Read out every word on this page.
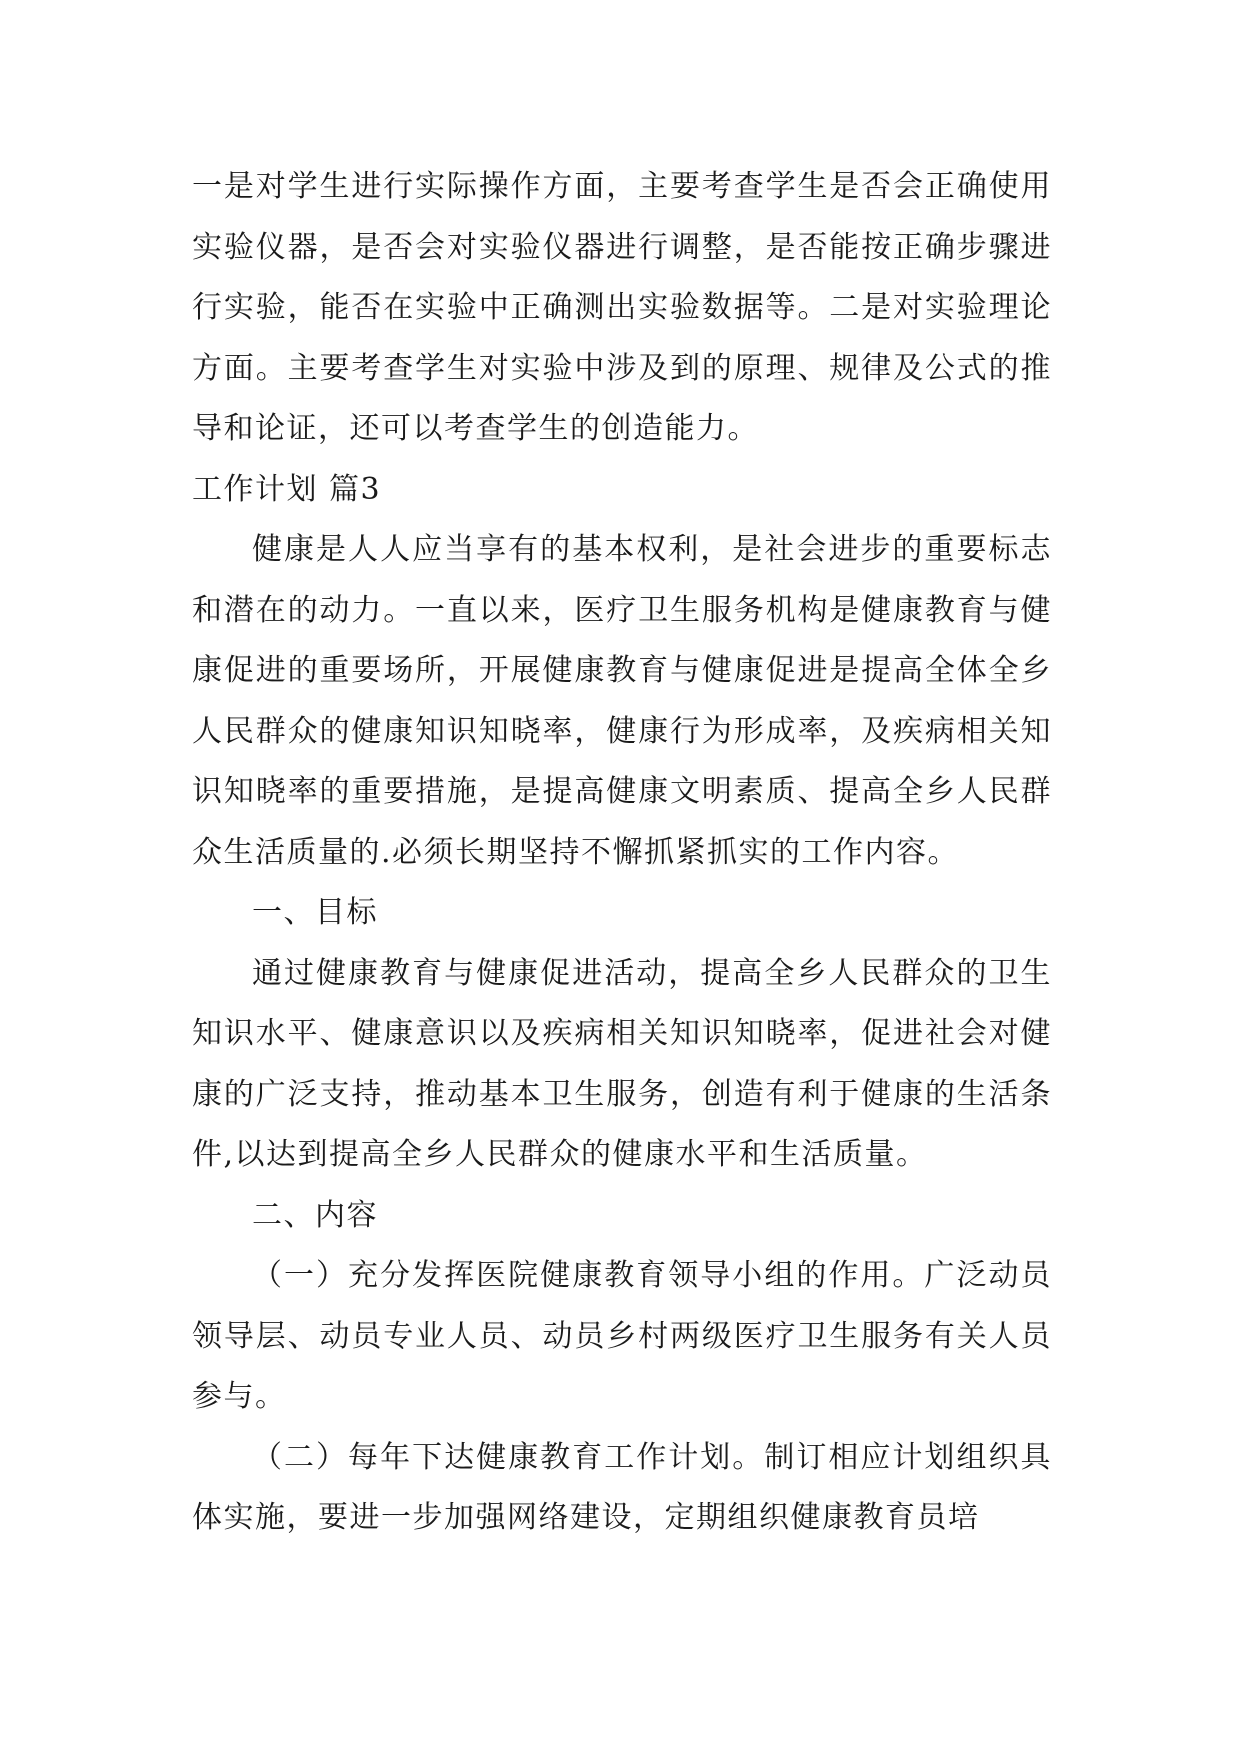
一是对学生进行实际操作方面，主要考查学生是否会正确使用实验仪器，是否会对实验仪器进行调整，是否能按正确步骤进行实验，能否在实验中正确测出实验数据等。二是对实验理论方面。主要考查学生对实验中涉及到的原理、规律及公式的推导和论证，还可以考查学生的创造能力。

工作计划 篇3

健康是人人应当享有的基本权利，是社会进步的重要标志和潜在的动力。一直以来，医疗卫生服务机构是健康教育与健康促进的重要场所，开展健康教育与健康促进是提高全体全乡人民群众的健康知识知晓率，健康行为形成率，及疾病相关知识知晓率的重要措施，是提高健康文明素质、提高全乡人民群众生活质量的.必须长期坚持不懈抓紧抓实的工作内容。

一、目标

通过健康教育与健康促进活动，提高全乡人民群众的卫生知识水平、健康意识以及疾病相关知识知晓率，促进社会对健康的广泛支持，推动基本卫生服务，创造有利于健康的生活条件,以达到提高全乡人民群众的健康水平和生活质量。

二、内容

（一）充分发挥医院健康教育领导小组的作用。广泛动员领导层、动员专业人员、动员乡村两级医疗卫生服务有关人员参与。

（二）每年下达健康教育工作计划。制订相应计划组织具体实施，要进一步加强网络建设，定期组织健康教育员培
